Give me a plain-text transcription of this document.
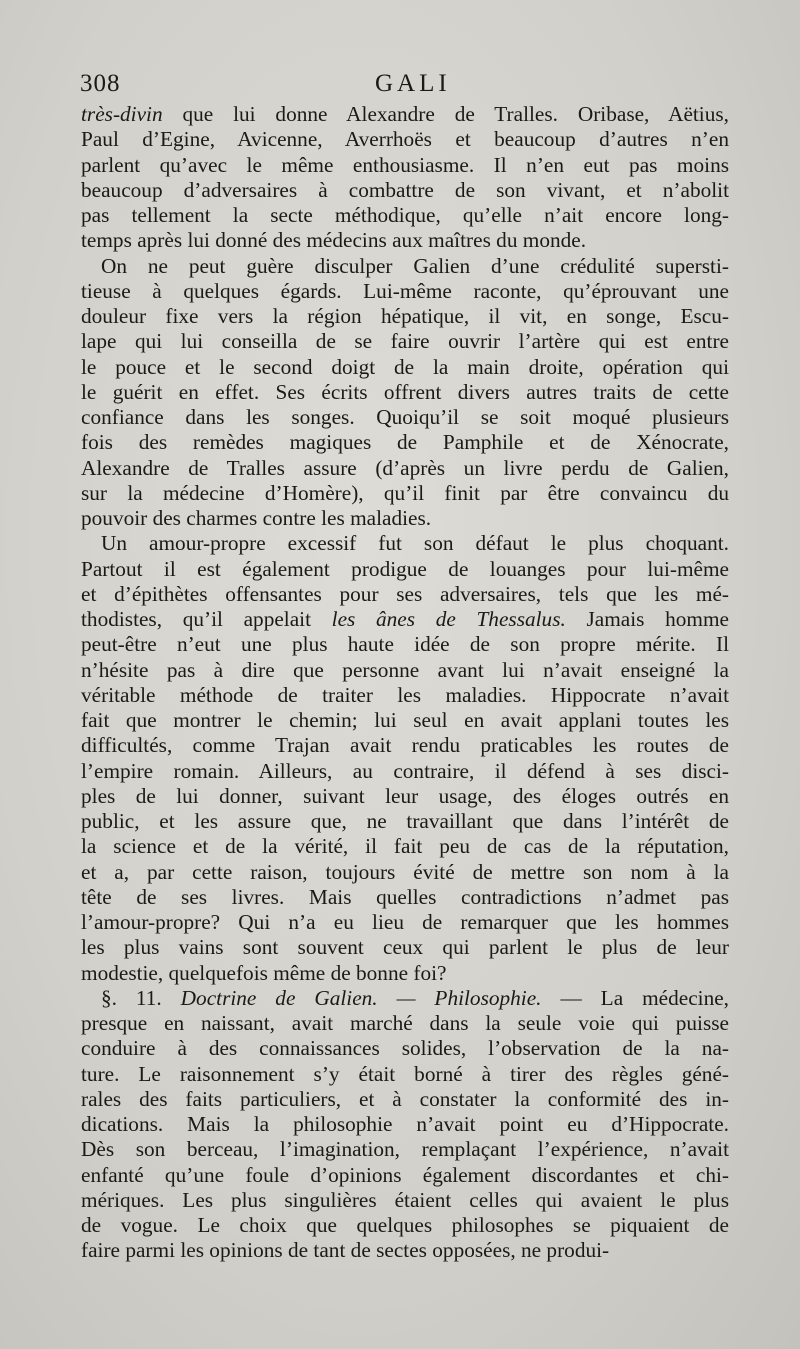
308	GALI
très-divin que lui donne Alexandre de Tralles. Oribase, Aëtius,
Paul d’Egine, Avicenne, Averrhoës et beaucoup d’autres n’en
parlent qu’avec le même enthousiasme. Il n’en eut pas moins
beaucoup d’adversaires à combattre de son vivant, et n’abolit
pas tellement la secte méthodique, qu’elle n’ait encore long-
temps après lui donné des médecins aux maîtres du monde.
On ne peut guère disculper Galien d’une crédulité supersti-
tieuse à quelques égards. Lui-même raconte, qu’éprouvant une
douleur fixe vers la région hépatique, il vit, en songe, Escu-
lape qui lui conseilla de se faire ouvrir l’artère qui est entre
le pouce et le second doigt de la main droite, opération qui
le guérit en effet. Ses écrits offrent divers autres traits de cette
confiance dans les songes. Quoiqu’il se soit moqué plusieurs
fois des remèdes magiques de Pamphile et de Xénocrate,
Alexandre de Tralles assure (d’après un livre perdu de Galien,
sur la médecine d’Homère), qu’il finit par être convaincu du
pouvoir des charmes contre les maladies.
Un amour-propre excessif fut son défaut le plus choquant.
Partout il est également prodigue de louanges pour lui-même
et d’épithètes offensantes pour ses adversaires, tels que les mé-
thodistes, qu’il appelait les ânes de Thessalus. Jamais homme
peut-être n’eut une plus haute idée de son propre mérite. Il
n’hésite pas à dire que personne avant lui n’avait enseigné la
véritable méthode de traiter les maladies. Hippocrate n’avait
fait que montrer le chemin; lui seul en avait applani toutes les
difficultés, comme Trajan avait rendu praticables les routes de
l’empire romain. Ailleurs, au contraire, il défend à ses disci-
ples de lui donner, suivant leur usage, des éloges outrés en
public, et les assure que, ne travaillant que dans l’intérêt de
la science et de la vérité, il fait peu de cas de la réputation,
et a, par cette raison, toujours évité de mettre son nom à la
tête de ses livres. Mais quelles contradictions n’admet pas
l’amour-propre? Qui n’a eu lieu de remarquer que les hommes
les plus vains sont souvent ceux qui parlent le plus de leur
modestie, quelquefois même de bonne foi?
§. 11. Doctrine de Galien. — Philosophie. — La médecine,
presque en naissant, avait marché dans la seule voie qui puisse
conduire à des connaissances solides, l’observation de la na-
ture. Le raisonnement s’y était borné à tirer des règles géné-
rales des faits particuliers, et à constater la conformité des in-
dications. Mais la philosophie n’avait point eu d’Hippocrate.
Dès son berceau, l’imagination, remplaçant l’expérience, n’avait
enfanté qu’une foule d’opinions également discordantes et chi-
mériques. Les plus singulières étaient celles qui avaient le plus
de vogue. Le choix que quelques philosophes se piquaient de
faire parmi les opinions de tant de sectes opposées, ne produi-
